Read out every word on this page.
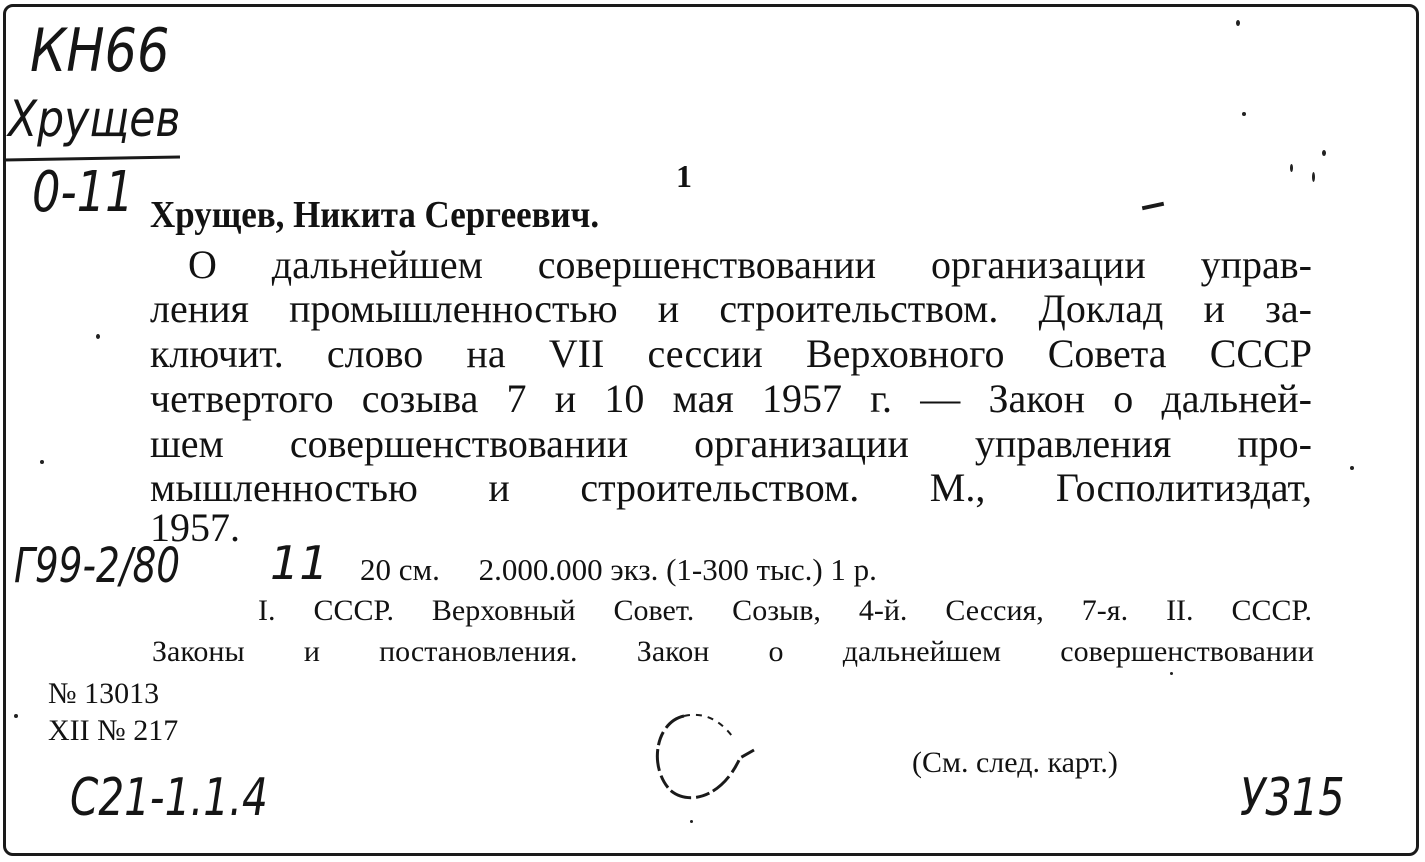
КН66
Хрущев
0-11	1
Хрущев, Никита Сергеевич.
О дальнейшем совершенствовании организации управ-
ления промышленностью и строительством. Доклад и за-
ключит. слово на VII сессии Верховного Совета СССР
четвертого созыва 7 и 10 мая 1957 г. — Закон о дальней-
шем совершенствовании организации управления про-
мышленностью и строительством. М., Госполитиздат,
1957.
Г99-2/80 11 20 см.     2.000.000 экз. (1-300 тыс.) 1 р.
I. СССР. Верховный Совет. Созыв, 4-й. Сессия, 7-я. II. СССР.
Законы и постановления. Закон о дальнейшем совершенствовании
№ 13013
XII № 217
(См. след. карт.)
С21-1.1.4	У315
